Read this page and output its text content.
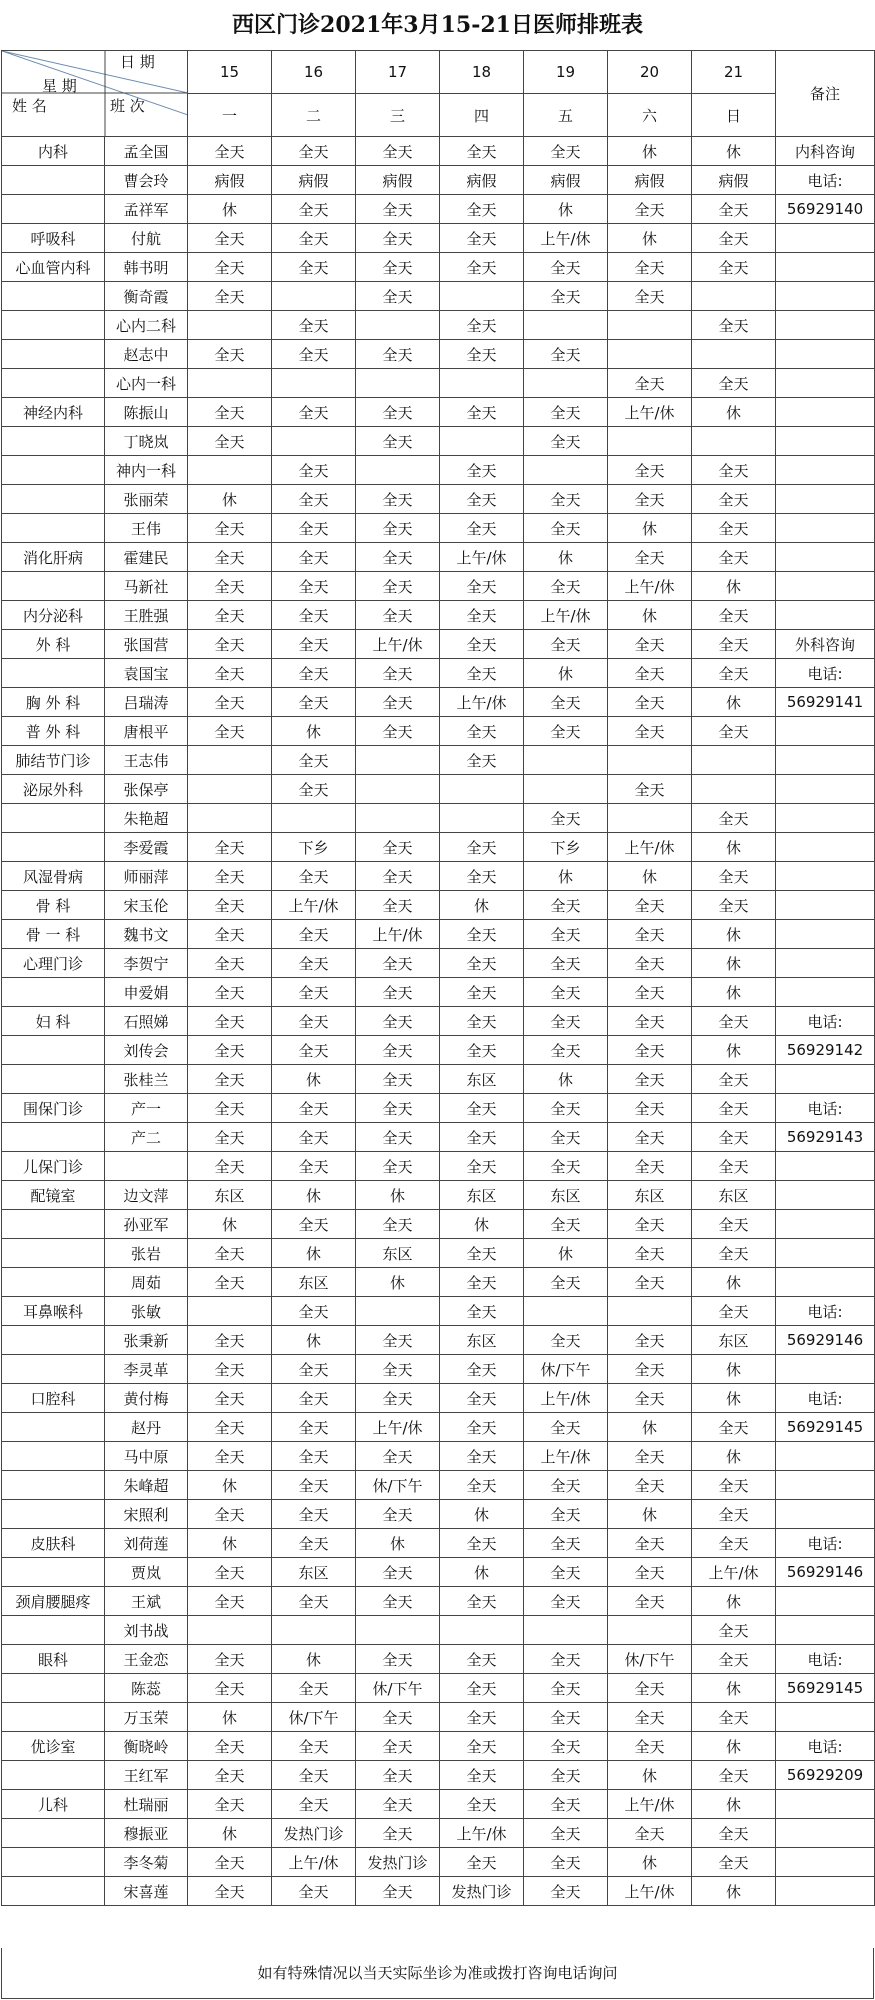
西区门诊2021年3月15-21日医师排班表
日 期
星 期
班 次
姓 名		15	16	17	18	19	20	21	备注
		一	二	三	四	五	六	日	
内科	孟全国	全天	全天	全天	全天	全天	休	休	内科咨询
	曹会玲	病假	病假	病假	病假	病假	病假	病假	电话:
	孟祥军	休	全天	全天	全天	休	全天	全天	56929140
呼吸科	付航	全天	全天	全天	全天	上午/休	休	全天	
心血管内科	韩书明	全天	全天	全天	全天	全天	全天	全天	
	衡奇霞	全天		全天		全天	全天		
	心内二科		全天		全天			全天	
	赵志中	全天	全天	全天	全天	全天			
	心内一科						全天	全天	
神经内科	陈振山	全天	全天	全天	全天	全天	上午/休	休	
	丁晓岚	全天		全天		全天			
	神内一科		全天		全天		全天	全天	
	张丽荣	休	全天	全天	全天	全天	全天	全天	
	王伟	全天	全天	全天	全天	全天	休	全天	
消化肝病	霍建民	全天	全天	全天	上午/休	休	全天	全天	
	马新社	全天	全天	全天	全天	全天	上午/休	休	
内分泌科	王胜强	全天	全天	全天	全天	上午/休	休	全天	
外 科	张国营	全天	全天	上午/休	全天	全天	全天	全天	外科咨询
	袁国宝	全天	全天	全天	全天	休	全天	全天	电话:
胸 外 科	吕瑞涛	全天	全天	全天	上午/休	全天	全天	休	56929141
普 外 科	唐根平	全天	休	全天	全天	全天	全天	全天	
肺结节门诊	王志伟		全天		全天				
泌尿外科	张保亭		全天				全天		
	朱艳超					全天		全天	
	李爱霞	全天	下乡	全天	全天	下乡	上午/休	休	
风湿骨病	师丽萍	全天	全天	全天	全天	休	休	全天	
骨 科	宋玉伦	全天	上午/休	全天	休	全天	全天	全天	
骨 一 科	魏书文	全天	全天	上午/休	全天	全天	全天	休	
心理门诊	李贺宁	全天	全天	全天	全天	全天	全天	休	
	申爱娟	全天	全天	全天	全天	全天	全天	休	
妇 科	石照娣	全天	全天	全天	全天	全天	全天	全天	电话:
	刘传会	全天	全天	全天	全天	全天	全天	休	56929142
	张桂兰	全天	休	全天	东区	休	全天	全天	
围保门诊	产一	全天	全天	全天	全天	全天	全天	全天	电话:
	产二	全天	全天	全天	全天	全天	全天	全天	56929143
儿保门诊		全天	全天	全天	全天	全天	全天	全天	
配镜室	边文萍	东区	休	休	东区	东区	东区	东区	
	孙亚军	休	全天	全天	休	全天	全天	全天	
	张岩	全天	休	东区	全天	休	全天	全天	
	周茹	全天	东区	休	全天	全天	全天	休	
耳鼻喉科	张敏		全天		全天			全天	电话:
	张秉新	全天	休	全天	东区	全天	全天	东区	56929146
	李灵革	全天	全天	全天	全天	休/下午	全天	休	
口腔科	黄付梅	全天	全天	全天	全天	上午/休	全天	休	电话:
	赵丹	全天	全天	上午/休	全天	全天	休	全天	56929145
	马中原	全天	全天	全天	全天	上午/休	全天	休	
	朱峰超	休	全天	休/下午	全天	全天	全天	全天	
	宋照利	全天	全天	全天	休	全天	休	全天	
皮肤科	刘荷莲	休	全天	休	全天	全天	全天	全天	电话:
	贾岚	全天	东区	全天	休	全天	全天	上午/休	56929146
颈肩腰腿疼	王斌	全天	全天	全天	全天	全天	全天	休	
	刘书战							全天	
眼科	王金恋	全天	休	全天	全天	全天	休/下午	全天	电话:
	陈蕊	全天	全天	休/下午	全天	全天	全天	休	56929145
	万玉荣	休	休/下午	全天	全天	全天	全天	全天	
优诊室	衡晓岭	全天	全天	全天	全天	全天	全天	休	电话:
	王红军	全天	全天	全天	全天	全天	休	全天	56929209
儿科	杜瑞丽	全天	全天	全天	全天	全天	上午/休	休	
	穆振亚	休	发热门诊	全天	上午/休	全天	全天	全天	
	李冬菊	全天	上午/休	发热门诊	全天	全天	休	全天	
	宋喜莲	全天	全天	全天	发热门诊	全天	上午/休	休	
如有特殊情况以当天实际坐诊为准或拨打咨询电话询问
